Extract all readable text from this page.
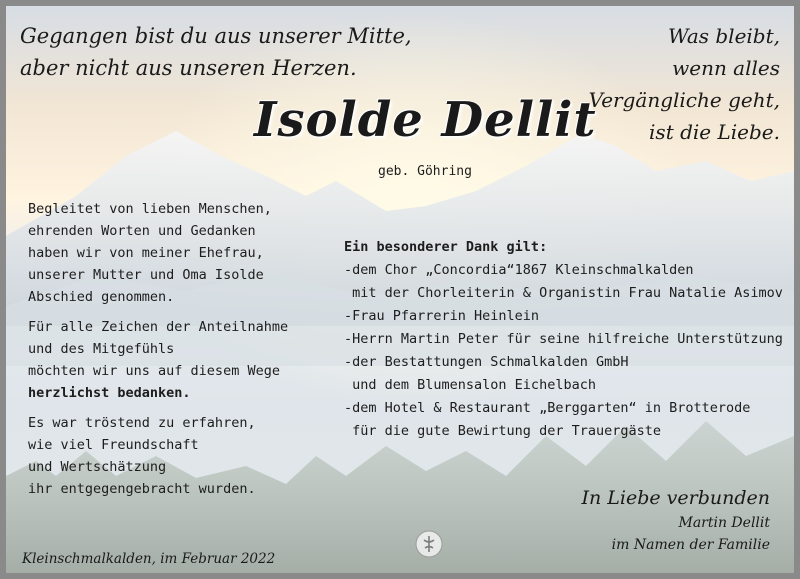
Gegangen bist du aus unserer Mitte,
aber nicht aus unseren Herzen.
Was bleibt,
wenn alles
Vergängliche geht,
ist die Liebe.
Isolde Dellit
geb. Göhring

Begleitet von lieben Menschen,
ehrenden Worten und Gedanken
haben wir von meiner Ehefrau,
unserer Mutter und Oma Isolde
Abschied genommen.

Für alle Zeichen der Anteilnahme
und des Mitgefühls
möchten wir uns auf diesem Wege
herzlichst bedanken.

Es war tröstend zu erfahren,
wie viel Freundschaft
und Wertschätzung
ihr entgegengebracht wurden.

Ein besonderer Dank gilt:
-dem Chor „Concordia“1867 Kleinschmalkalden
mit der Chorleiterin & Organistin Frau Natalie Asimov
-Frau Pfarrerin Heinlein
-Herrn Martin Peter für seine hilfreiche Unterstützung
-der Bestattungen Schmalkalden GmbH
und dem Blumensalon Eichelbach
-dem Hotel & Restaurant „Berggarten“ in Brotterode
für die gute Bewirtung der Trauergäste
In Liebe verbunden
Martin Dellit
im Namen der Familie
Kleinschmalkalden, im Februar 2022
